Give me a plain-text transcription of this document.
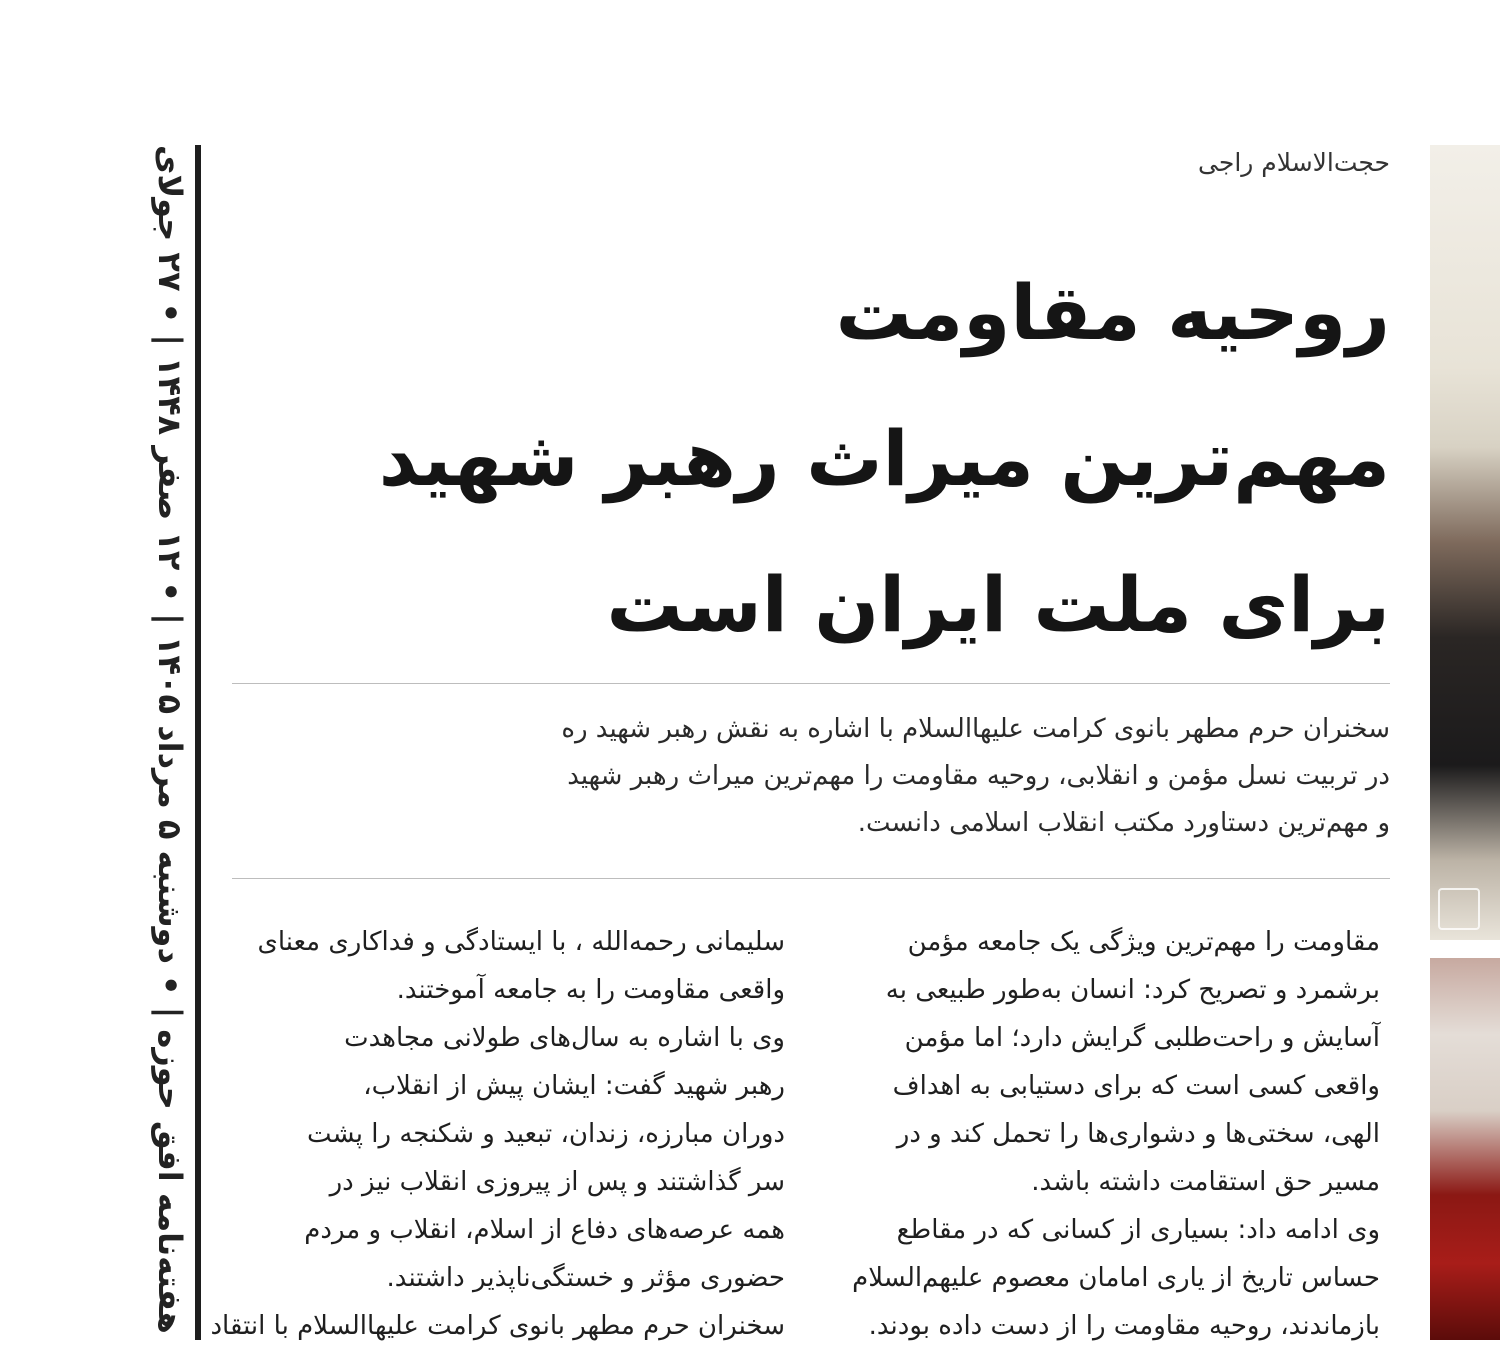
هفته‌نامه افق حوزه | • دوشنبه ۵ مرداد ۱۴۰۵ | • ۱۲ صفر ۱۴۴۸ | • ۲۷ جولای
حجت‌الاسلام راجی
روحیه مقاومت
مهم‌ترین میراث رهبر شهید
برای ملت ایران است
سخنران حرم مطهر بانوی کرامت علیهاالسلام با اشاره به نقش رهبر شهید ره
در تربیت نسل مؤمن و انقلابی، روحیه مقاومت را مهم‌ترین میراث رهبر شهید
و مهم‌ترین دستاورد مکتب انقلاب اسلامی دانست.
مقاومت را مهم‌ترین ویژگی یک جامعه مؤمن
برشمرد و تصریح کرد: انسان به‌طور طبیعی به
آسایش و راحت‌طلبی گرایش دارد؛ اما مؤمن
واقعی کسی است که برای دستیابی به اهداف
الهی، سختی‌ها و دشواری‌ها را تحمل کند و در
مسیر حق استقامت داشته باشد.
وی ادامه داد: بسیاری از کسانی که در مقاطع
حساس تاریخ از یاری امامان معصوم علیهم‌السلام
بازماندند، روحیه مقاومت را از دست داده بودند.
سلیمانی رحمه‌الله ، با ایستادگی و فداکاری معنای
واقعی مقاومت را به جامعه آموختند.
وی با اشاره به سال‌های طولانی مجاهدت
رهبر شهید گفت: ایشان پیش از انقلاب،
دوران مبارزه، زندان، تبعید و شکنجه را پشت
سر گذاشتند و پس از پیروزی انقلاب نیز در
همه عرصه‌های دفاع از اسلام، انقلاب و مردم
حضوری مؤثر و خستگی‌ناپذیر داشتند.
سخنران حرم مطهر بانوی کرامت علیهاالسلام با انتقاد
